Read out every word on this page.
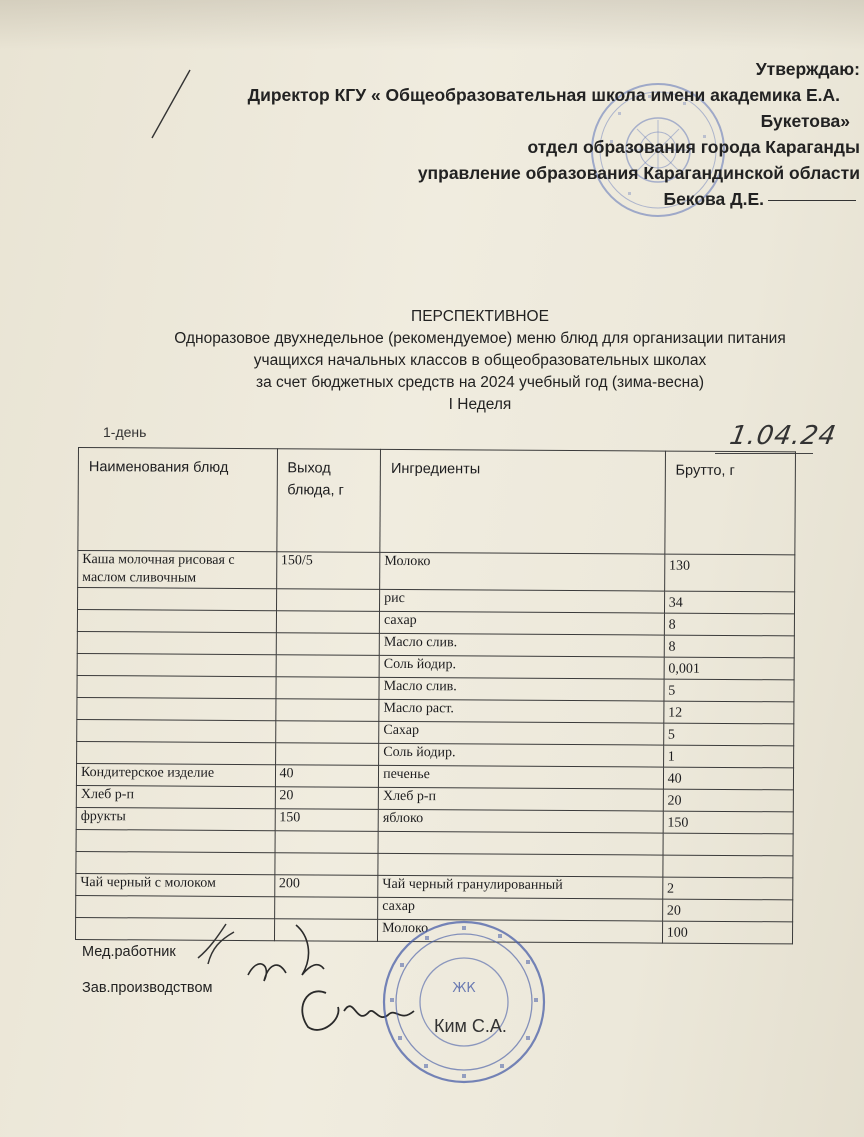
Утверждаю:
Директор КГУ « Общеобразовательная школа имени академика Е.А.
Букетова»
отдел образования города Караганды
управление образования Карагандинской области
Бекова Д.Е.
ПЕРСПЕКТИВНОЕ
Одноразовое двухнедельное (рекомендуемое) меню блюд для организации питания
учащихся начальных классов в общеобразовательных школах
за счет бюджетных средств на 2024 учебный год (зима-весна)
I Неделя
1-день	1.04.24
Наименования блюд	Выход блюда, г	Ингредиенты	Брутто, г
Каша молочная рисовая с маслом сливочным	150/5	Молоко	130
		рис	34
		сахар	8
		Масло слив.	8
		Соль йодир.	0,001
		Масло слив.	5
		Масло раст.	12
		Сахар	5
		Соль йодир.	1
Кондитерское изделие	40	печенье	40
Хлеб р-п	20	Хлеб р-п	20
фрукты	150	яблоко	150

Чай черный с молоком	200	Чай черный гранулированный	2
		сахар	20
		Молоко	100
Мед.работник
Зав.производством	ЖК
Ким С.А.
